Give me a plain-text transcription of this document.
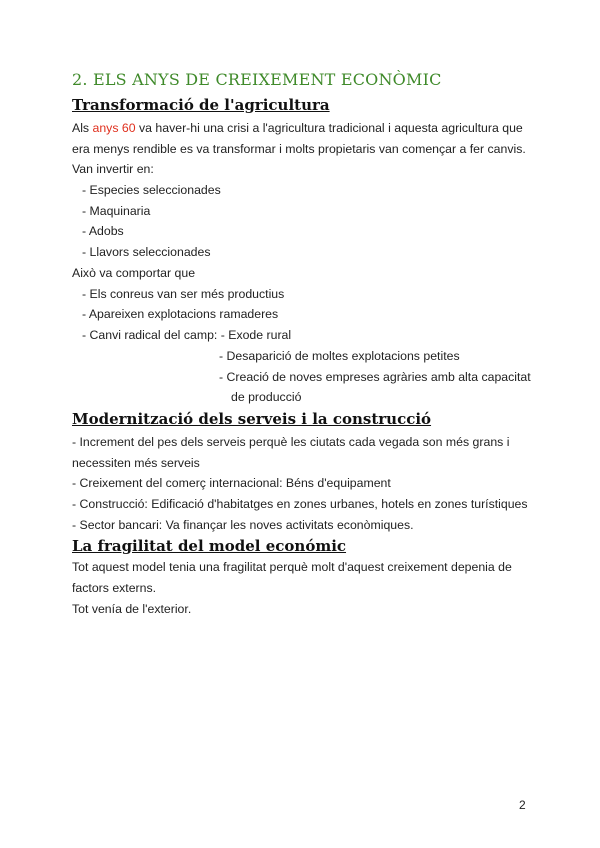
2. ELS ANYS DE CREIXEMENT ECONÒMIC
Transformació de l'agricultura

Als anys 60 va haver-hi una crisi a l'agricultura tradicional i aquesta agricultura que

era menys rendible es va transformar i molts propietaris van començar a fer canvis.

Van invertir en:

- Especies seleccionades

- Maquinaria

- Adobs

- Llavors seleccionades

Això va comportar que

- Els conreus van ser més productius

- Apareixen explotacions ramaderes

- Canvi radical del camp: - Exode rural

- Desaparició de moltes explotacions petites

- Creació de noves empreses agràries amb alta capacitat

de producció

Modernització dels serveis i la construcció

- Increment del pes dels serveis perquè les ciutats cada vegada son més grans i

necessiten més serveis

- Creixement del comerç internacional: Béns d'equipament

- Construcció: Edificació d'habitatges en zones urbanes, hotels en zones turístiques

- Sector bancari: Va finançar les noves activitats econòmiques.

La fragilitat del model económic

Tot aquest model tenia una fragilitat perquè molt d'aquest creixement depenia de

factors externs.

Tot venía de l'exterior.

2
